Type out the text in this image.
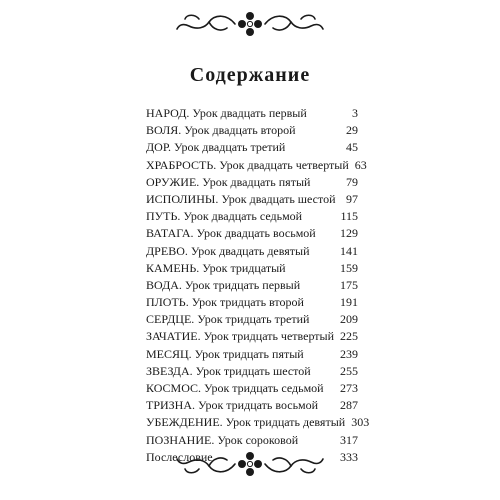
Содержание
НАРОД. Урок двадцать первый	3
ВОЛЯ. Урок двадцать второй	29
ДОР. Урок двадцать третий	45
ХРАБРОСТЬ. Урок двадцать четвертый 63
ОРУЖИЕ. Урок двадцать пятый	79
ИСПОЛИНЫ. Урок двадцать шестой 97
ПУТЬ. Урок двадцать седьмой	115
ВАТАГА. Урок двадцать восьмой 129
ДРЕВО. Урок двадцать девятый	141
КАМЕНЬ. Урок тридцатый	159
ВОДА. Урок тридцать первый	175
ПЛОТЬ. Урок тридцать второй	191
СЕРДЦЕ. Урок тридцать третий	209
ЗАЧАТИЕ. Урок тридцать четвертый 225
МЕСЯЦ. Урок тридцать пятый	239
ЗВЕЗДА. Урок тридцать шестой 255
КОСМОС. Урок тридцать седьмой 273
ТРИЗНА. Урок тридцать восьмой 287
УБЕЖДЕНИЕ. Урок тридцать девятый 303
ПОЗНАНИЕ. Урок сороковой	317
Послесловие	333
